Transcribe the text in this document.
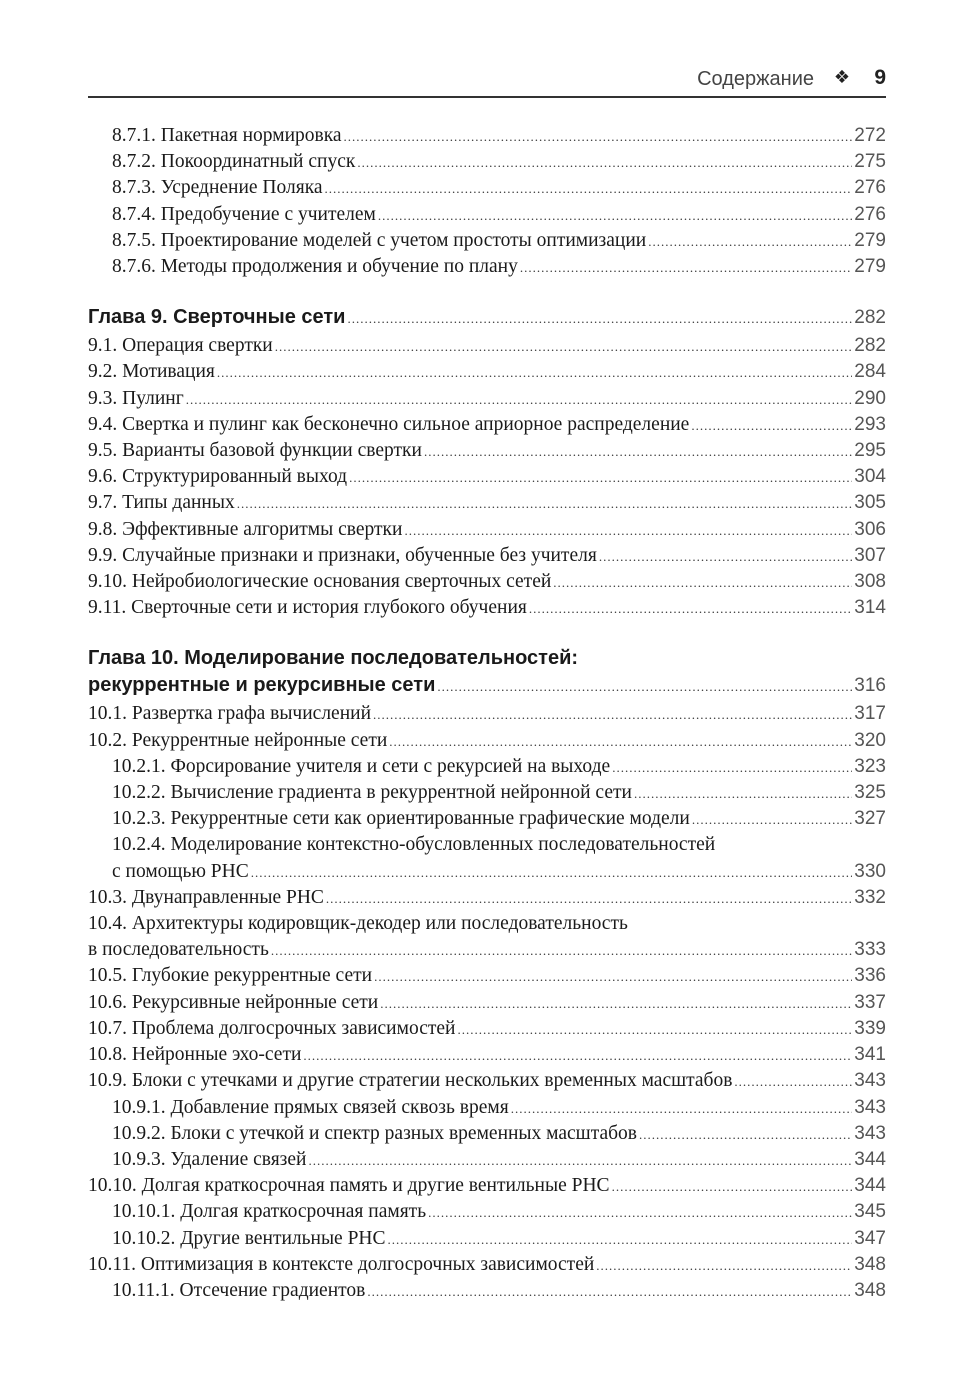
Содержание ❖ 9
8.7.1. Пакетная нормировка .....	272
8.7.2. Покоординатный спуск .....	275
8.7.3. Усреднение Поляка .....	276
8.7.4. Предобучение с учителем .....	276
8.7.5. Проектирование моделей с учетом простоты оптимизации .....	279
8.7.6. Методы продолжения и обучение по плану .....	279
Глава 9. Сверточные сети .....	282
9.1. Операция свертки .....	282
9.2. Мотивация .....	284
9.3. Пулинг .....	290
9.4. Свертка и пулинг как бесконечно сильное априорное распределение .....	293
9.5. Варианты базовой функции свертки .....	295
9.6. Структурированный выход .....	304
9.7. Типы данных .....	305
9.8. Эффективные алгоритмы свертки .....	306
9.9. Случайные признаки и признаки, обученные без учителя .....	307
9.10. Нейробиологические основания сверточных сетей .....	308
9.11. Сверточные сети и история глубокого обучения .....	314
Глава 10. Моделирование последовательностей:
рекуррентные и рекурсивные сети .....	316
10.1. Развертка графа вычислений .....	317
10.2. Рекуррентные нейронные сети .....	320
10.2.1. Форсирование учителя и сети с рекурсией на выходе .....	323
10.2.2. Вычисление градиента в рекуррентной нейронной сети .....	325
10.2.3. Рекуррентные сети как ориентированные графические модели .....	327
10.2.4. Моделирование контекстно-обусловленных последовательностей
с помощью РНС .....	330
10.3. Двунаправленные РНС .....	332
10.4. Архитектуры кодировщик-декодер или последовательность
в последовательность .....	333
10.5. Глубокие рекуррентные сети .....	336
10.6. Рекурсивные нейронные сети .....	337
10.7. Проблема долгосрочных зависимостей .....	339
10.8. Нейронные эхо-сети .....	341
10.9. Блоки с утечками и другие стратегии нескольких временных масштабов .....	343
10.9.1. Добавление прямых связей сквозь время .....	343
10.9.2. Блоки с утечкой и спектр разных временных масштабов .....	343
10.9.3. Удаление связей .....	344
10.10. Долгая краткосрочная память и другие вентильные РНС .....	344
10.10.1. Долгая краткосрочная память .....	345
10.10.2. Другие вентильные РНС .....	347
10.11. Оптимизация в контексте долгосрочных зависимостей .....	348
10.11.1. Отсечение градиентов .....	348
